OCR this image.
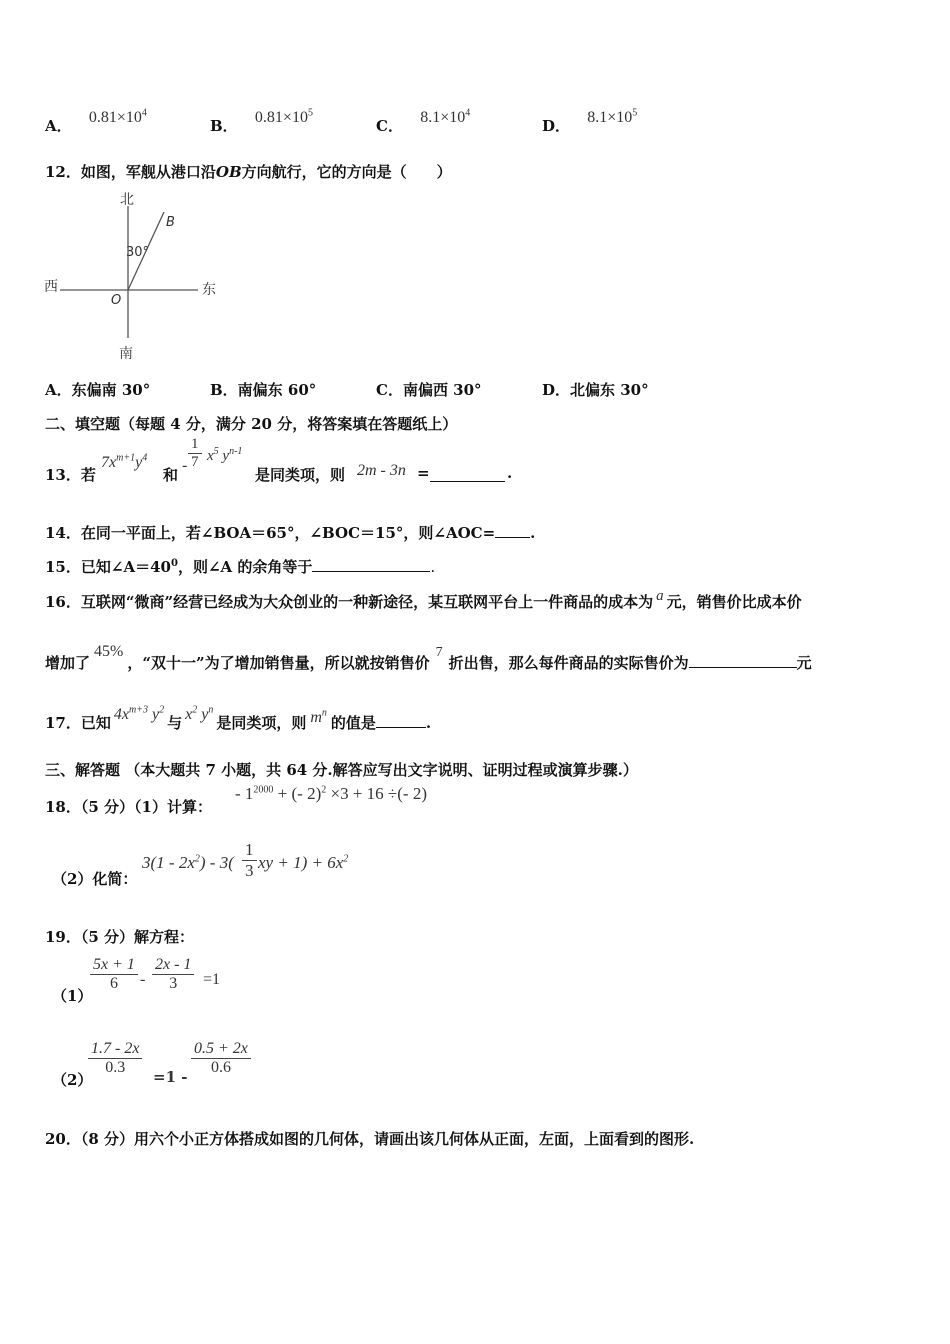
A． $0.81\times 10^4$
B． $0.81\times 10^5$
C． $8.1\times 10^4$
D． $8.1\times 10^5$
12．如图，军舰从港口沿OB方向航行，它的方向是（　　）
北
南
西	东
O
B
30°
A．东偏南 30°	B．南偏东 60°	C．南偏西 30°	D．北偏东 30°
二、填空题（每题 4 分，满分 20 分，将答案填在答题纸上）
13．若
$7x^{m+1}y^4$
和
- $\frac{1}{7} x^5$ $y^{n-1}$
是同类项，则 2m - 3n =	.
14．在同一平面上，若∠BOA＝65°，∠BOC＝15°，则∠AOC= .
15．已知$\angle A=40^0$，则∠A 的余角等于	.
16．互联网“微商”经营已经成为大众创业的一种新途径，某互联网平台上一件商品的成本为 a 元，销售价比成本价
增加了45%，“双十一”为了增加销售量，所以就按销售价7折出售，那么每件商品的实际售价为	元
17．已知 $4x^{m+3}$ $y^2$与 $x^2$ $y^n$是同类项，则 $m^n$的值是	.
三、解答题 （本大题共 7 小题，共 64 分.解答应写出文字说明、证明过程或演算步骤.）
18．（5 分）（1）计算：
- $1^{2000}$ + (- 2)$^2$ ×3 + 16 ÷(- 2)
（2）化简：
$3(1 - 2x^2) - 3( \frac{1}{3}$ xy + $1) + 6x^2$
19．（5 分）解方程：
（1）
$\frac{5x + 1}{6} - \frac{2x - 1}{3} =1$
（2）
$\frac{1.7 - 2x}{0.3} =1 - \frac{0.5 + 2x}{0.6}$
20．（8 分）用六个小正方体搭成如图的几何体，请画出该几何体从正面，左面，上面看到的图形.
